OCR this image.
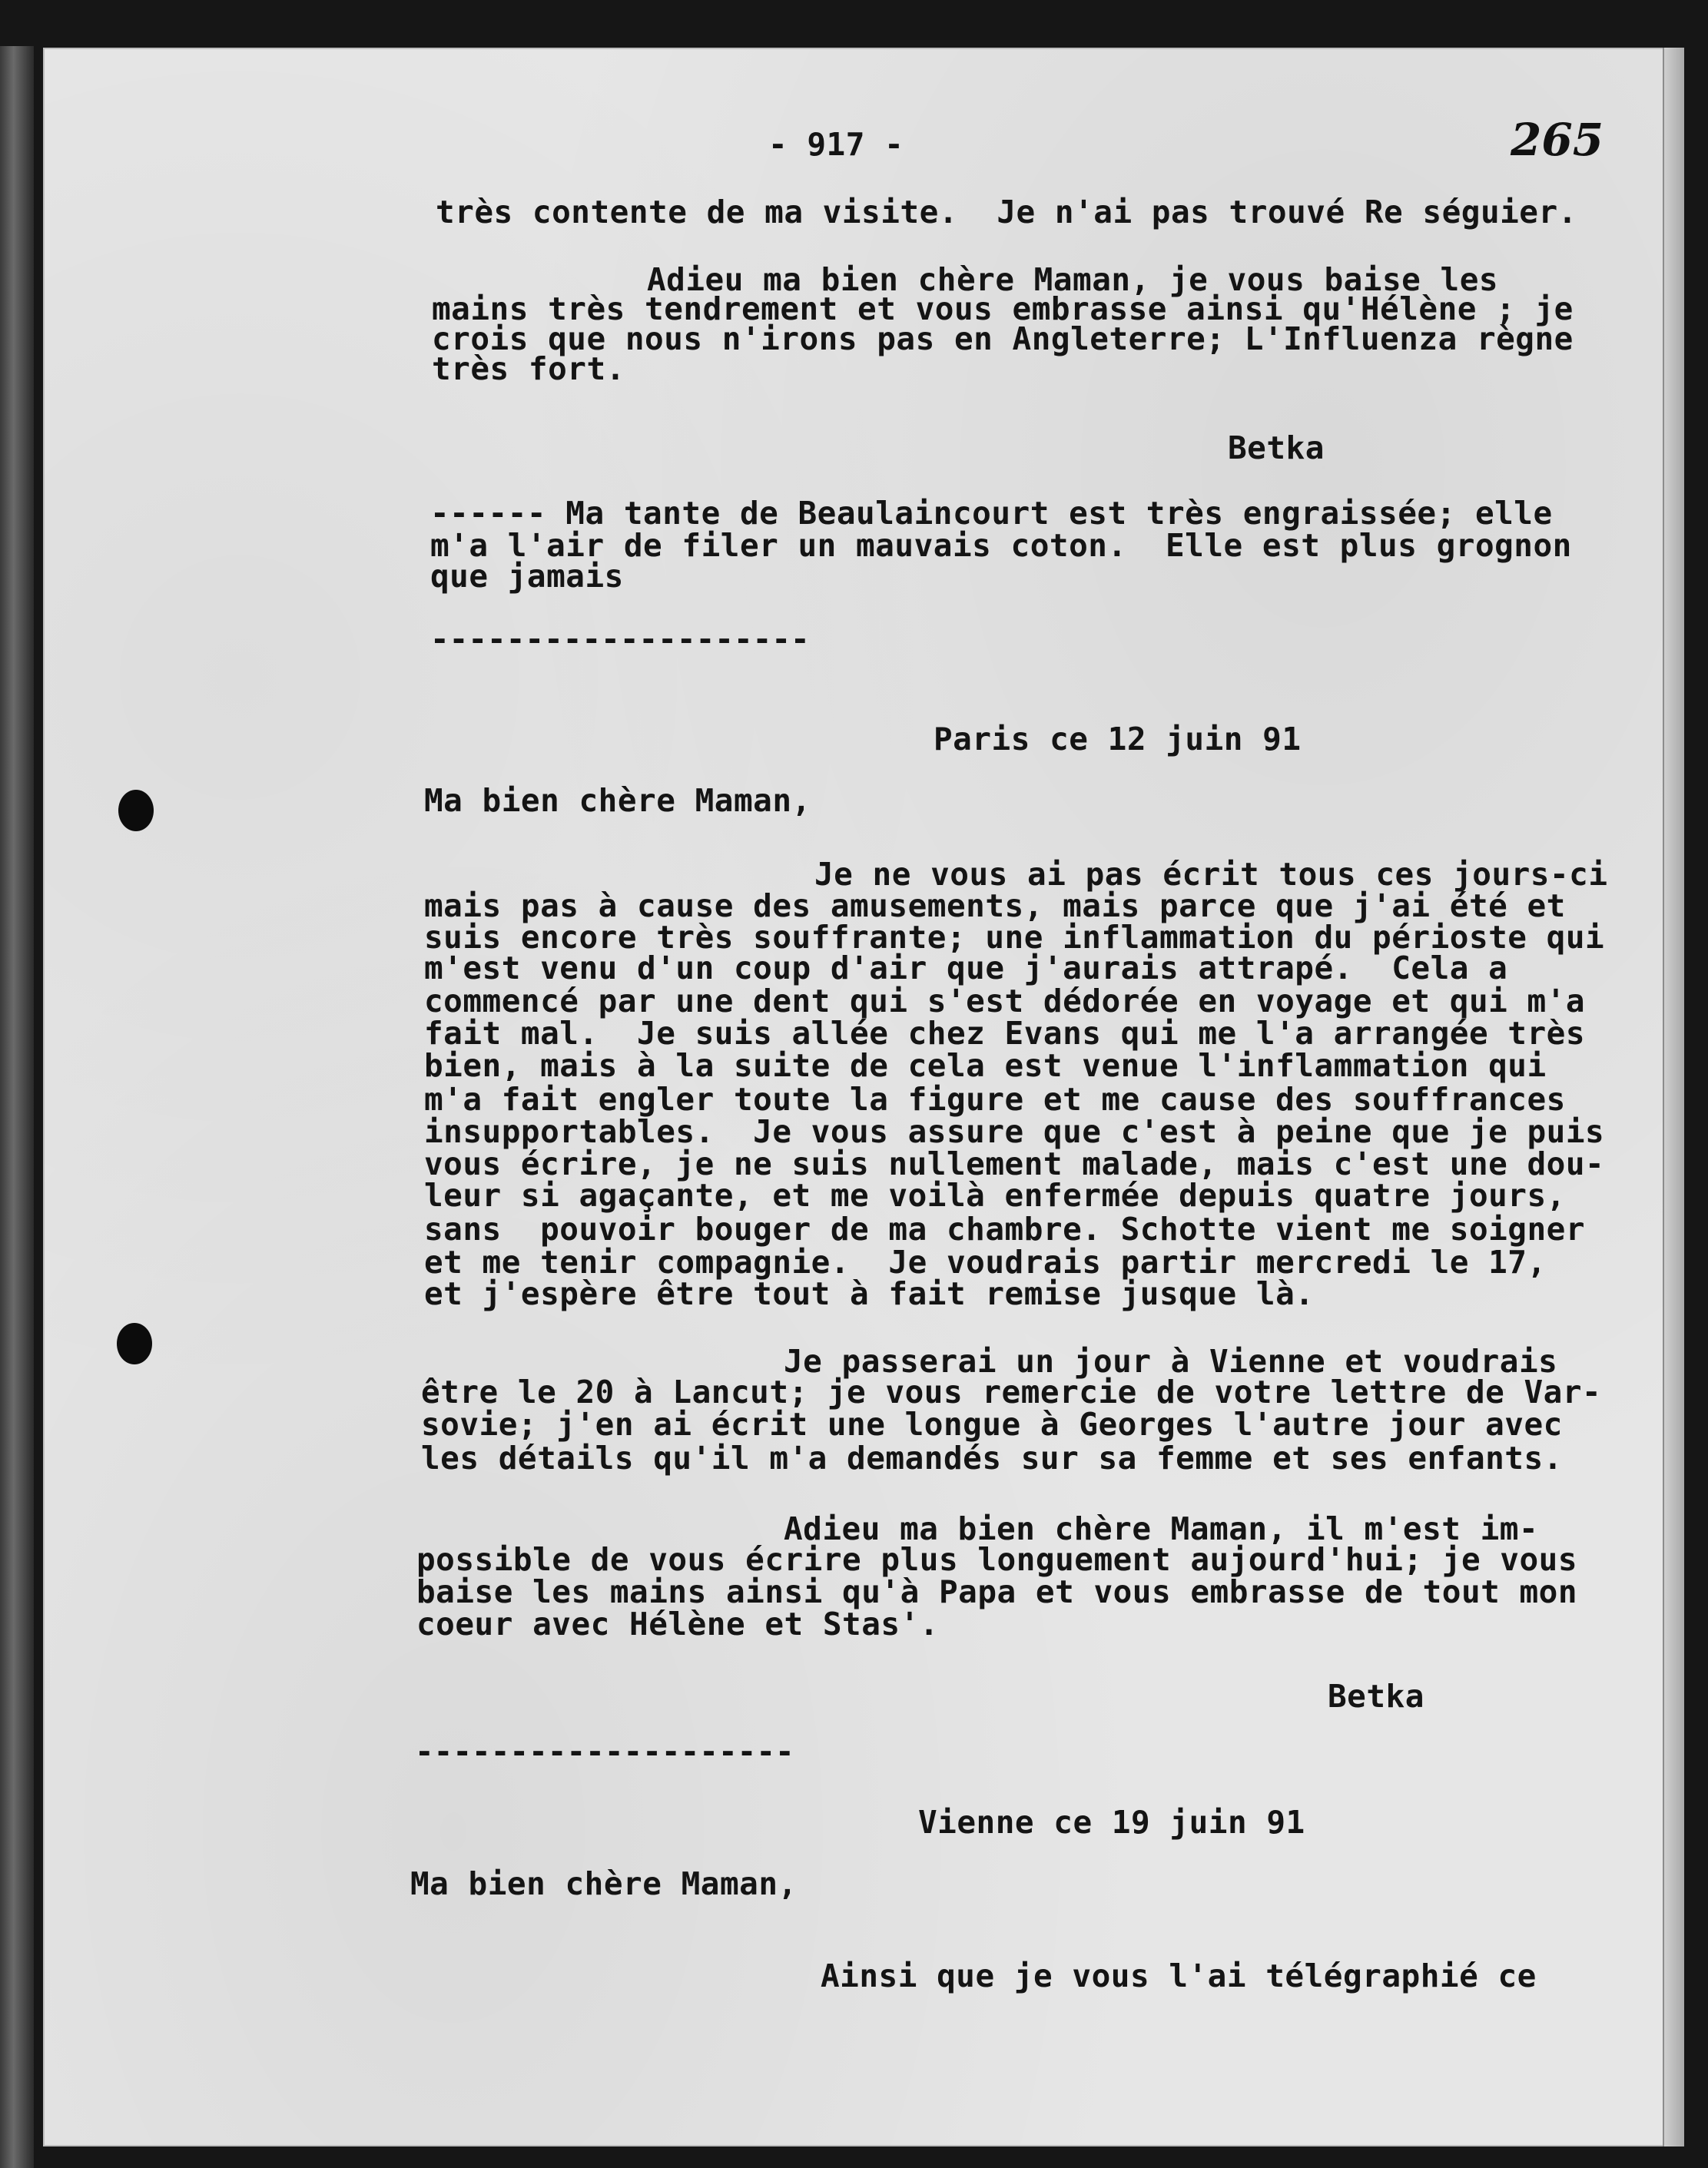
- 917 -	265

très contente de ma visite.  Je n'ai pas trouvé Re séguier.

Adieu ma bien chère Maman, je vous baise les

mains très tendrement et vous embrasse ainsi qu'Hélène ; je

crois que nous n'irons pas en Angleterre; L'Influenza règne

très fort.

Betka

------ Ma tante de Beaulaincourt est très engraissée; elle

m'a l'air de filer un mauvais coton.  Elle est plus grognon

que jamais

--------------------

Paris ce 12 juin 91

Ma bien chère Maman,

Je ne vous ai pas écrit tous ces jours-ci

mais pas à cause des amusements, mais parce que j'ai été et

suis encore très souffrante; une inflammation du périoste qui

m'est venu d'un coup d'air que j'aurais attrapé.  Cela a

commencé par une dent qui s'est dédorée en voyage et qui m'a

fait mal.  Je suis allée chez Evans qui me l'a arrangée très

bien, mais à la suite de cela est venue l'inflammation qui

m'a fait engler toute la figure et me cause des souffrances

insupportables.  Je vous assure que c'est à peine que je puis

vous écrire, je ne suis nullement malade, mais c'est une dou-

leur si agaçante, et me voilà enfermée depuis quatre jours,

sans  pouvoir bouger de ma chambre. Schotte vient me soigner

et me tenir compagnie.  Je voudrais partir mercredi le 17,

et j'espère être tout à fait remise jusque là.

Je passerai un jour à Vienne et voudrais

être le 20 à Lancut; je vous remercie de votre lettre de Var-

sovie; j'en ai écrit une longue à Georges l'autre jour avec

les détails qu'il m'a demandés sur sa femme et ses enfants.

Adieu ma bien chère Maman, il m'est im-

possible de vous écrire plus longuement aujourd'hui; je vous

baise les mains ainsi qu'à Papa et vous embrasse de tout mon

coeur avec Hélène et Stas'.

Betka

--------------------

Vienne ce 19 juin 91

Ma bien chère Maman,

Ainsi que je vous l'ai télégraphié ce
